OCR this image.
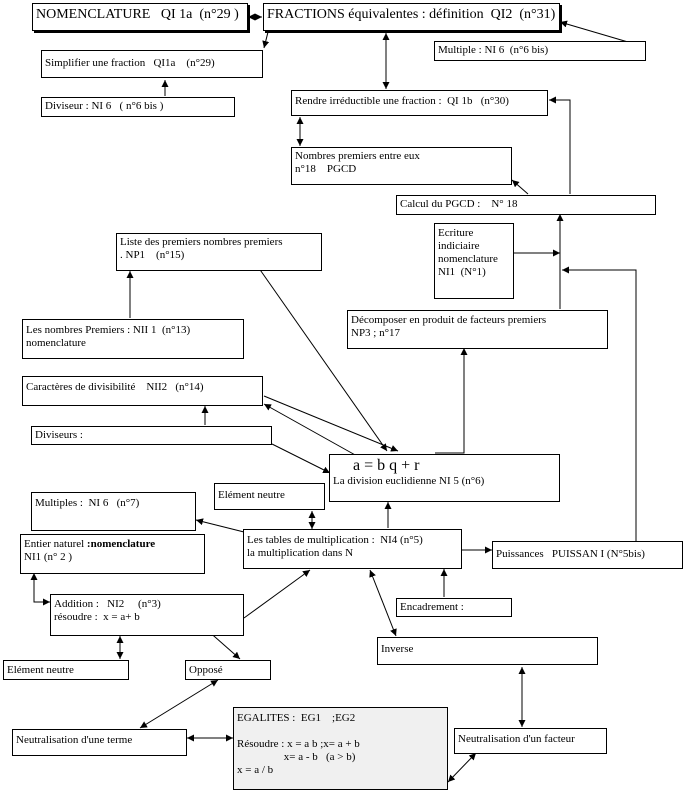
NOMENCLATURE   QI 1a  (n°29 )	FRACTIONS équivalentes : définition  QI2  (n°31)
Simplifier une fraction   QI1a    (n°29)
Multiple : NI 6  (n°6 bis)
Diviseur : NI 6   ( n°6 bis )	Rendre irréductible une fraction :  QI 1b   (n°30)
Nombres premiers entre eux
n°18    PGCD
Calcul du PGCD :    N° 18
Liste des premiers nombres premiers
. NP1    (n°15)
Ecriture
indiciaire
nomenclature
NI1  (N°1)
Les nombres Premiers : NII 1  (n°13)
nomenclature
Décomposer en produit de facteurs premiers
NP3 ; n°17
Caractères de divisibilité    NII2   (n°14)
Diviseurs :
a = b q + r
La division euclidienne NI 5 (n°6)
Elément neutre
Multiples :  NI 6   (n°7)
Entier naturel :nomenclature
NI1 (n° 2 )
Les tables de multiplication :  NI4 (n°5)
la multiplication dans N	Puissances   PUISSAN I (N°5bis)
Addition :   NI2     (n°3)
résoudre :  x = a+ b
Encadrement :
Inverse
Elément neutre	Opposé
Neutralisation d'une terme
EGALITES :  EG1    ;EG2

Résoudre : x = a b ;x= a + b
x= a - b   (a > b)
x = a / b
Neutralisation d'un facteur
